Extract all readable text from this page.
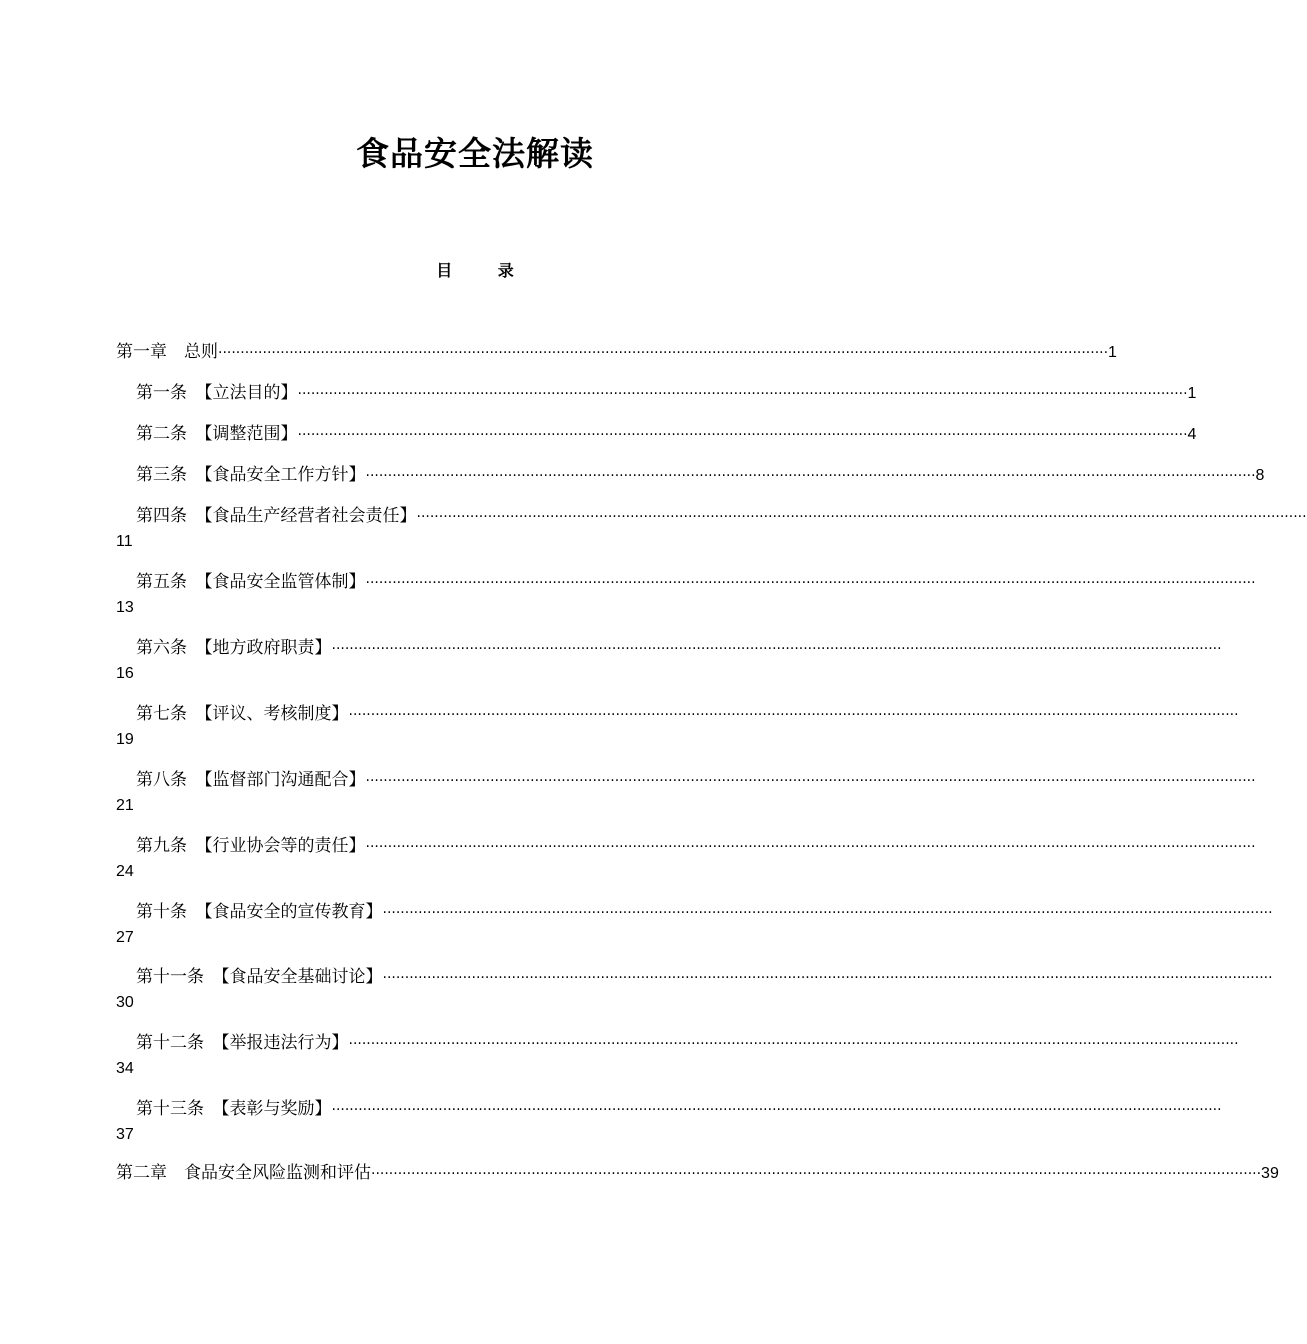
食品安全法解读
目 录
第一章　总则 ········································································································································································································ 1
第一条　【立法目的】 ········································································································································································································ 1
第二条　【调整范围】 ········································································································································································································ 4
第三条　【食品安全工作方针】 ········································································································································································································ 8
第四条　【食品生产经营者社会责任】 ········································································································································································································
11
第五条　【食品安全监管体制】 ········································································································································································································
13
第六条　【地方政府职责】 ········································································································································································································
16
第七条　【评议、考核制度】 ········································································································································································································
19
第八条　【监督部门沟通配合】 ········································································································································································································
21
第九条　【行业协会等的责任】 ········································································································································································································
24
第十条　【食品安全的宣传教育】 ········································································································································································································
27
第十一条　【食品安全基础讨论】 ········································································································································································································
30
第十二条　【举报违法行为】 ········································································································································································································
34
第十三条　【表彰与奖励】 ········································································································································································································
37
第二章　食品安全风险监测和评估 ········································································································································································································ 39
